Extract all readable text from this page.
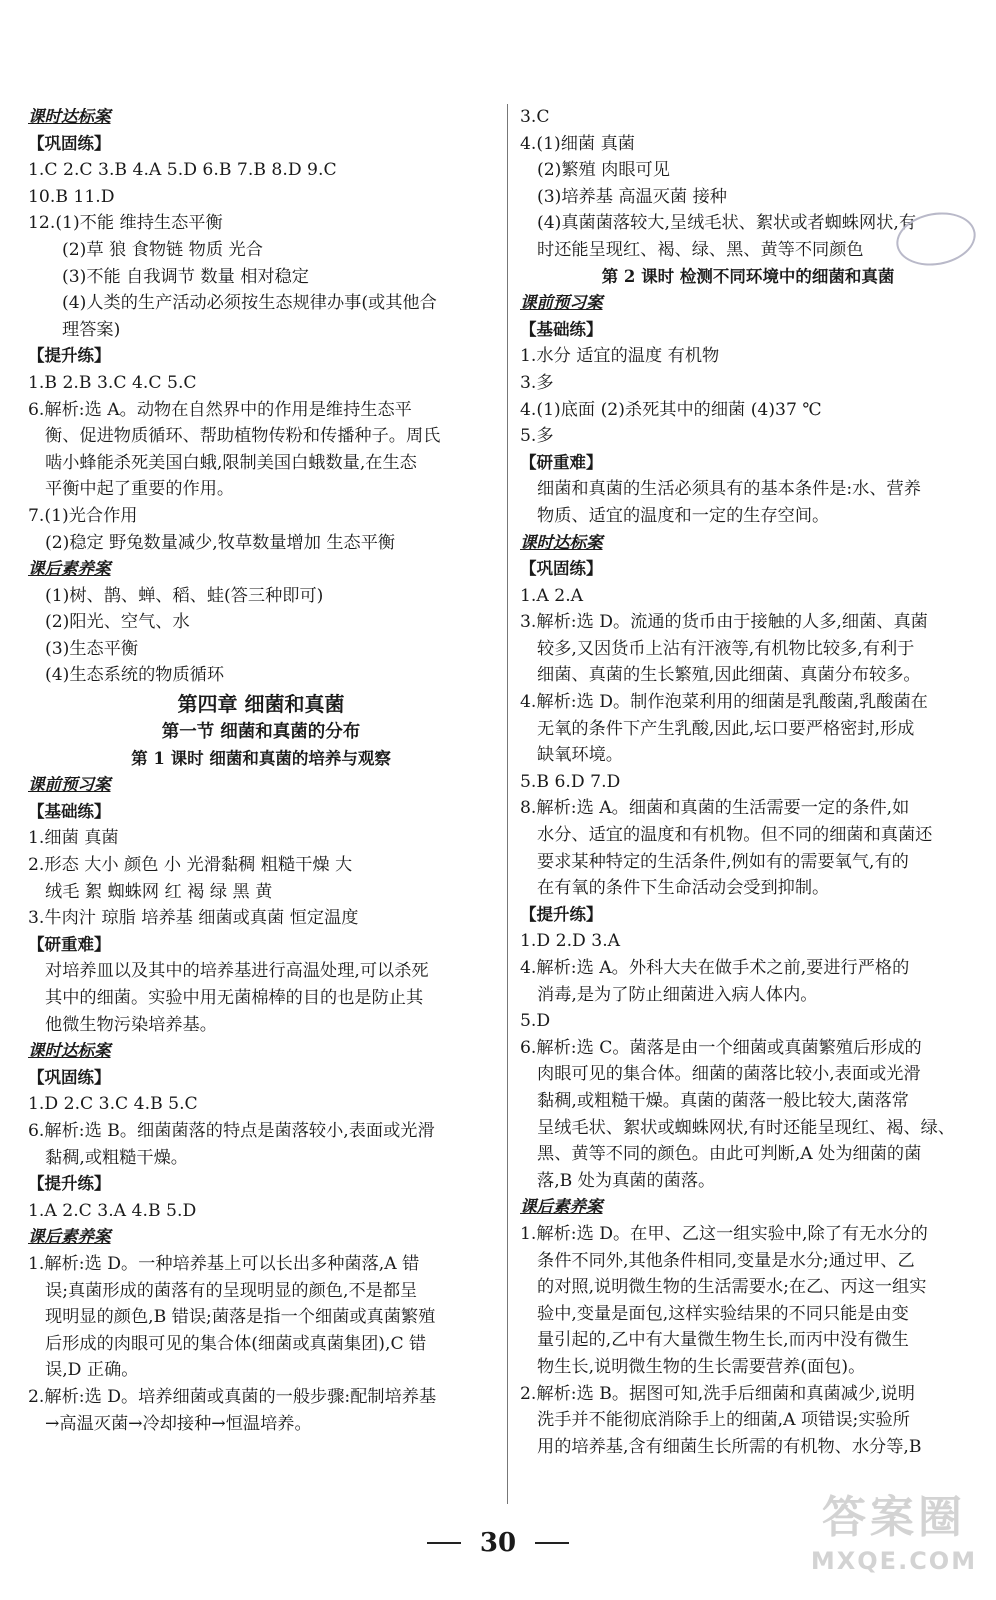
课时达标案
【巩固练】
1.C 2.C 3.B 4.A 5.D 6.B 7.B 8.D 9.C
10.B 11.D
12.(1)不能 维持生态平衡
(2)草 狼 食物链 物质 光合
(3)不能 自我调节 数量 相对稳定
(4)人类的生产活动必须按生态规律办事(或其他合
理答案)
【提升练】
1.B 2.B 3.C 4.C 5.C
6.解析:选 A。动物在自然界中的作用是维持生态平
衡、促进物质循环、帮助植物传粉和传播种子。周氏
啮小蜂能杀死美国白蛾,限制美国白蛾数量,在生态
平衡中起了重要的作用。
7.(1)光合作用
(2)稳定 野兔数量减少,牧草数量增加 生态平衡
课后素养案
(1)树、鹊、蝉、稻、蛙(答三种即可)
(2)阳光、空气、水
(3)生态平衡
(4)生态系统的物质循环
第四章 细菌和真菌
第一节 细菌和真菌的分布
第 1 课时 细菌和真菌的培养与观察
课前预习案
【基础练】
1.细菌 真菌
2.形态 大小 颜色 小 光滑黏稠 粗糙干燥 大
绒毛 絮 蜘蛛网 红 褐 绿 黑 黄
3.牛肉汁 琼脂 培养基 细菌或真菌 恒定温度
【研重难】
对培养皿以及其中的培养基进行高温处理,可以杀死
其中的细菌。实验中用无菌棉棒的目的也是防止其
他微生物污染培养基。
课时达标案
【巩固练】
1.D 2.C 3.C 4.B 5.C
6.解析:选 B。细菌菌落的特点是菌落较小,表面或光滑
黏稠,或粗糙干燥。
【提升练】
1.A 2.C 3.A 4.B 5.D
课后素养案
1.解析:选 D。一种培养基上可以长出多种菌落,A 错
误;真菌形成的菌落有的呈现明显的颜色,不是都呈
现明显的颜色,B 错误;菌落是指一个细菌或真菌繁殖
后形成的肉眼可见的集合体(细菌或真菌集团),C 错
误,D 正确。
2.解析:选 D。培养细菌或真菌的一般步骤:配制培养基
→高温灭菌→冷却接种→恒温培养。
3.C
4.(1)细菌 真菌
(2)繁殖 肉眼可见
(3)培养基 高温灭菌 接种
(4)真菌菌落较大,呈绒毛状、絮状或者蜘蛛网状,有
时还能呈现红、褐、绿、黑、黄等不同颜色
第 2 课时 检测不同环境中的细菌和真菌
课前预习案
【基础练】
1.水分 适宜的温度 有机物
3.多
4.(1)底面 (2)杀死其中的细菌 (4)37 ℃
5.多
【研重难】
细菌和真菌的生活必须具有的基本条件是:水、营养
物质、适宜的温度和一定的生存空间。
课时达标案
【巩固练】
1.A 2.A
3.解析:选 D。流通的货币由于接触的人多,细菌、真菌
较多,又因货币上沾有汗液等,有机物比较多,有利于
细菌、真菌的生长繁殖,因此细菌、真菌分布较多。
4.解析:选 D。制作泡菜利用的细菌是乳酸菌,乳酸菌在
无氧的条件下产生乳酸,因此,坛口要严格密封,形成
缺氧环境。
5.B 6.D 7.D
8.解析:选 A。细菌和真菌的生活需要一定的条件,如
水分、适宜的温度和有机物。但不同的细菌和真菌还
要求某种特定的生活条件,例如有的需要氧气,有的
在有氧的条件下生命活动会受到抑制。
【提升练】
1.D 2.D 3.A
4.解析:选 A。外科大夫在做手术之前,要进行严格的
消毒,是为了防止细菌进入病人体内。
5.D
6.解析:选 C。菌落是由一个细菌或真菌繁殖后形成的
肉眼可见的集合体。细菌的菌落比较小,表面或光滑
黏稠,或粗糙干燥。真菌的菌落一般比较大,菌落常
呈绒毛状、絮状或蜘蛛网状,有时还能呈现红、褐、绿、
黑、黄等不同的颜色。由此可判断,A 处为细菌的菌
落,B 处为真菌的菌落。
课后素养案
1.解析:选 D。在甲、乙这一组实验中,除了有无水分的
条件不同外,其他条件相同,变量是水分;通过甲、乙
的对照,说明微生物的生活需要水;在乙、丙这一组实
验中,变量是面包,这样实验结果的不同只能是由变
量引起的,乙中有大量微生物生长,而丙中没有微生
物生长,说明微生物的生长需要营养(面包)。
2.解析:选 B。据图可知,洗手后细菌和真菌减少,说明
洗手并不能彻底消除手上的细菌,A 项错误;实验所
用的培养基,含有细菌生长所需的有机物、水分等,B
30	答案圈
MXQE.COM
